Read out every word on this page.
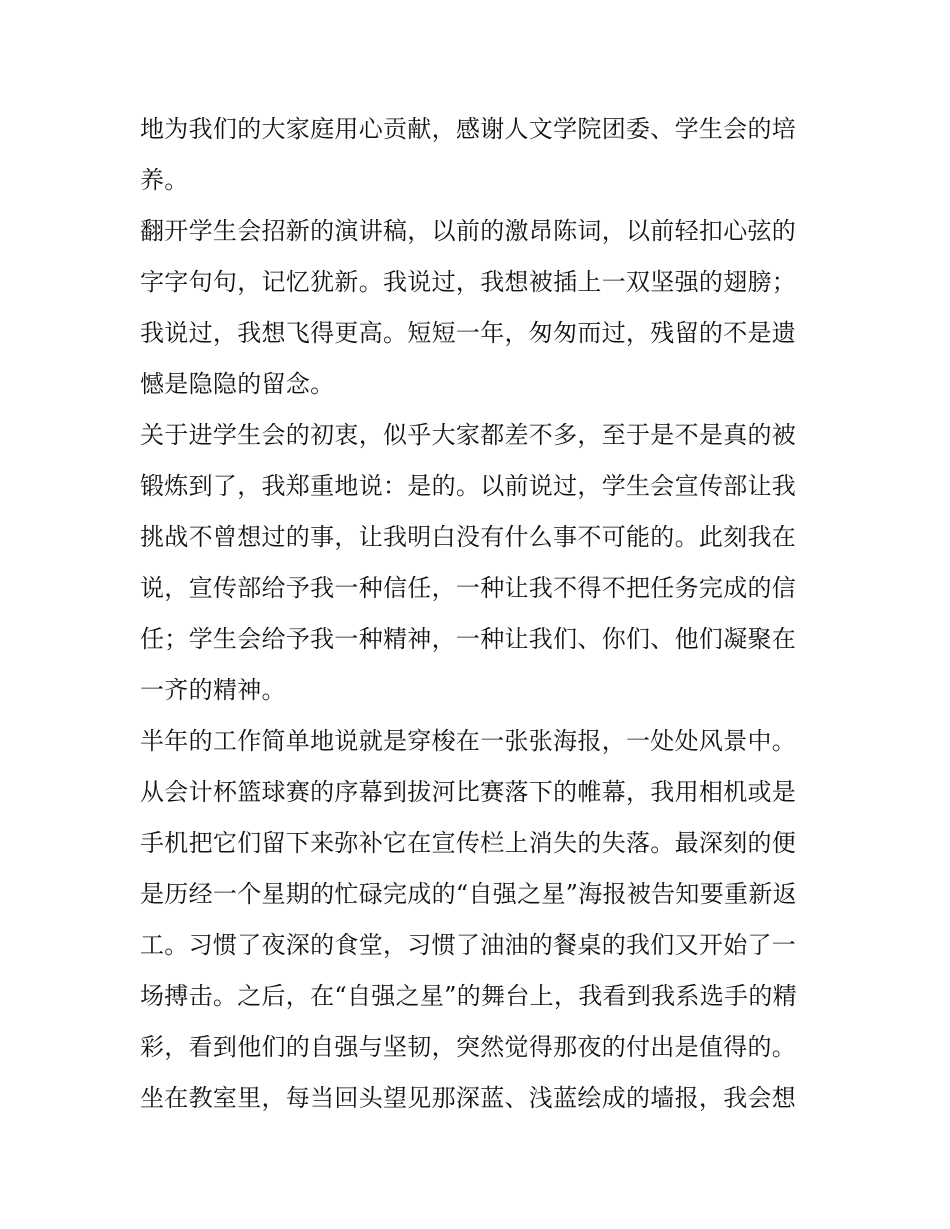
地为我们的大家庭用心贡献，感谢人文学院团委、学生会的培
养。

翻开学生会招新的演讲稿，以前的激昂陈词，以前轻扣心弦的
字字句句，记忆犹新。我说过，我想被插上一双坚强的翅膀；
我说过，我想飞得更高。短短一年，匆匆而过，残留的不是遗
憾是隐隐的留念。

关于进学生会的初衷，似乎大家都差不多，至于是不是真的被
锻炼到了，我郑重地说：是的。以前说过，学生会宣传部让我
挑战不曾想过的事，让我明白没有什么事不可能的。此刻我在
说，宣传部给予我一种信任，一种让我不得不把任务完成的信
任；学生会给予我一种精神，一种让我们、你们、他们凝聚在
一齐的精神。

半年的工作简单地说就是穿梭在一张张海报，一处处风景中。
从会计杯篮球赛的序幕到拔河比赛落下的帷幕，我用相机或是
手机把它们留下来弥补它在宣传栏上消失的失落。最深刻的便
是历经一个星期的忙碌完成的“自强之星”海报被告知要重新返
工。习惯了夜深的食堂，习惯了油油的餐桌的我们又开始了一
场搏击。之后，在“自强之星”的舞台上，我看到我系选手的精
彩，看到他们的自强与坚韧，突然觉得那夜的付出是值得的。

坐在教室里，每当回头望见那深蓝、浅蓝绘成的墙报，我会想
